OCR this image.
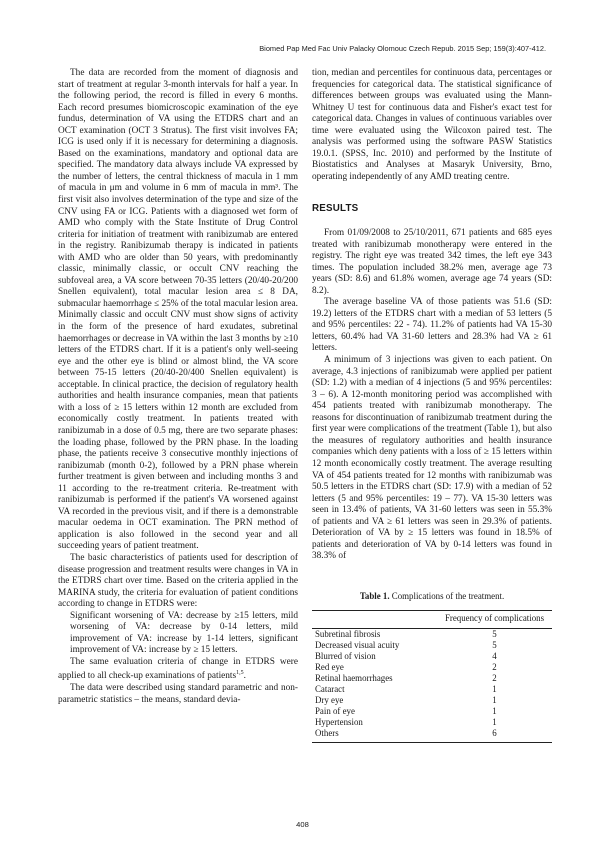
Biomed Pap Med Fac Univ Palacky Olomouc Czech Repub. 2015 Sep; 159(3):407-412.

The data are recorded from the moment of diagnosis and start of treatment at regular 3-month intervals for half a year. In the following period, the record is filled in every 6 months. Each record presumes biomicroscopic examination of the eye fundus, determination of VA using the ETDRS chart and an OCT examination (OCT 3 Stratus). The first visit involves FA; ICG is used only if it is necessary for determining a diagnosis. Based on the examinations, mandatory and optional data are specified. The mandatory data always include VA expressed by the number of letters, the central thickness of macula in 1 mm of macula in μm and volume in 6 mm of macula in mm³. The first visit also involves determination of the type and size of the CNV using FA or ICG. Patients with a diagnosed wet form of AMD who comply with the State Institute of Drug Control criteria for initiation of treatment with ranibizumab are entered in the registry. Ranibizumab therapy is indicated in patients with AMD who are older than 50 years, with predominantly classic, minimally classic, or occult CNV reaching the subfoveal area, a VA score between 70-35 letters (20/40-20/200 Snellen equivalent), total macular lesion area ≤ 8 DA, submacular haemorrhage ≤ 25% of the total macular lesion area. Minimally classic and occult CNV must show signs of activity in the form of the presence of hard exudates, subretinal haemorrhages or decrease in VA within the last 3 months by ≥10 letters of the ETDRS chart. If it is a patient's only well-seeing eye and the other eye is blind or almost blind, the VA score between 75-15 letters (20/40-20/400 Snellen equivalent) is acceptable. In clinical practice, the decision of regulatory health authorities and health insurance companies, mean that patients with a loss of ≥ 15 letters within 12 month are excluded from economically costly treatment. In patients treated with ranibizumab in a dose of 0.5 mg, there are two separate phases: the loading phase, followed by the PRN phase. In the loading phase, the patients receive 3 consecutive monthly injections of ranibizumab (month 0-2), followed by a PRN phase wherein further treatment is given between and including months 3 and 11 according to the re-treatment criteria. Re-treatment with ranibizumab is performed if the patient's VA worsened against VA recorded in the previous visit, and if there is a demonstrable macular oedema in OCT examination. The PRN method of application is also followed in the second year and all succeeding years of patient treatment.

The basic characteristics of patients used for description of disease progression and treatment results were changes in VA in the ETDRS chart over time. Based on the criteria applied in the MARINA study, the criteria for evaluation of patient conditions according to change in ETDRS were:

Significant worsening of VA: decrease by ≥15 letters, mild worsening of VA: decrease by 0-14 letters, mild improvement of VA: increase by 1-14 letters, significant improvement of VA: increase by ≥ 15 letters.

The same evaluation criteria of change in ETDRS were applied to all check-up examinations of patients$^{1,5}$.

The data were described using standard parametric and non-parametric statistics – the means, standard devia-

tion, median and percentiles for continuous data, percentages or frequencies for categorical data. The statistical significance of differences between groups was evaluated using the Mann-Whitney U test for continuous data and Fisher's exact test for categorical data. Changes in values of continuous variables over time were evaluated using the Wilcoxon paired test. The analysis was performed using the software PASW Statistics 19.0.1. (SPSS, Inc. 2010) and performed by the Institute of Biostatistics and Analyses at Masaryk University, Brno, operating independently of any AMD treating centre.

RESULTS

From 01/09/2008 to 25/10/2011, 671 patients and 685 eyes treated with ranibizumab monotherapy were entered in the registry. The right eye was treated 342 times, the left eye 343 times. The population included 38.2% men, average age 73 years (SD: 8.6) and 61.8% women, average age 74 years (SD: 8.2).

The average baseline VA of those patients was 51.6 (SD: 19.2) letters of the ETDRS chart with a median of 53 letters (5 and 95% percentiles: 22 - 74). 11.2% of patients had VA 15-30 letters, 60.4% had VA 31-60 letters and 28.3% had VA ≥ 61 letters.

A minimum of 3 injections was given to each patient. On average, 4.3 injections of ranibizumab were applied per patient (SD: 1.2) with a median of 4 injections (5 and 95% percentiles: 3 – 6). A 12-month monitoring period was accomplished with 454 patients treated with ranibizumab monotherapy. The reasons for discontinuation of ranibizumab treatment during the first year were complications of the treatment (Table 1), but also the measures of regulatory authorities and health insurance companies which deny patients with a loss of ≥ 15 letters within 12 month economically costly treatment. The average resulting VA of 454 patients treated for 12 months with ranibizumab was 50.5 letters in the ETDRS chart (SD: 17.9) with a median of 52 letters (5 and 95% percentiles: 19 – 77). VA 15-30 letters was seen in 13.4% of patients, VA 31-60 letters was seen in 55.3% of patients and VA ≥ 61 letters was seen in 29.3% of patients. Deterioration of VA by ≥ 15 letters was found in 18.5% of patients and deterioration of VA by 0-14 letters was found in 38.3% of

Table 1. Complications of the treatment.
	Frequency of complications
Subretinal fibrosis	5
Decreased visual acuity	5
Blurred of vision	4
Red eye	2
Retinal haemorrhages	2
Cataract	1
Dry eye	1
Pain of eye	1
Hypertension	1
Others	6
408
